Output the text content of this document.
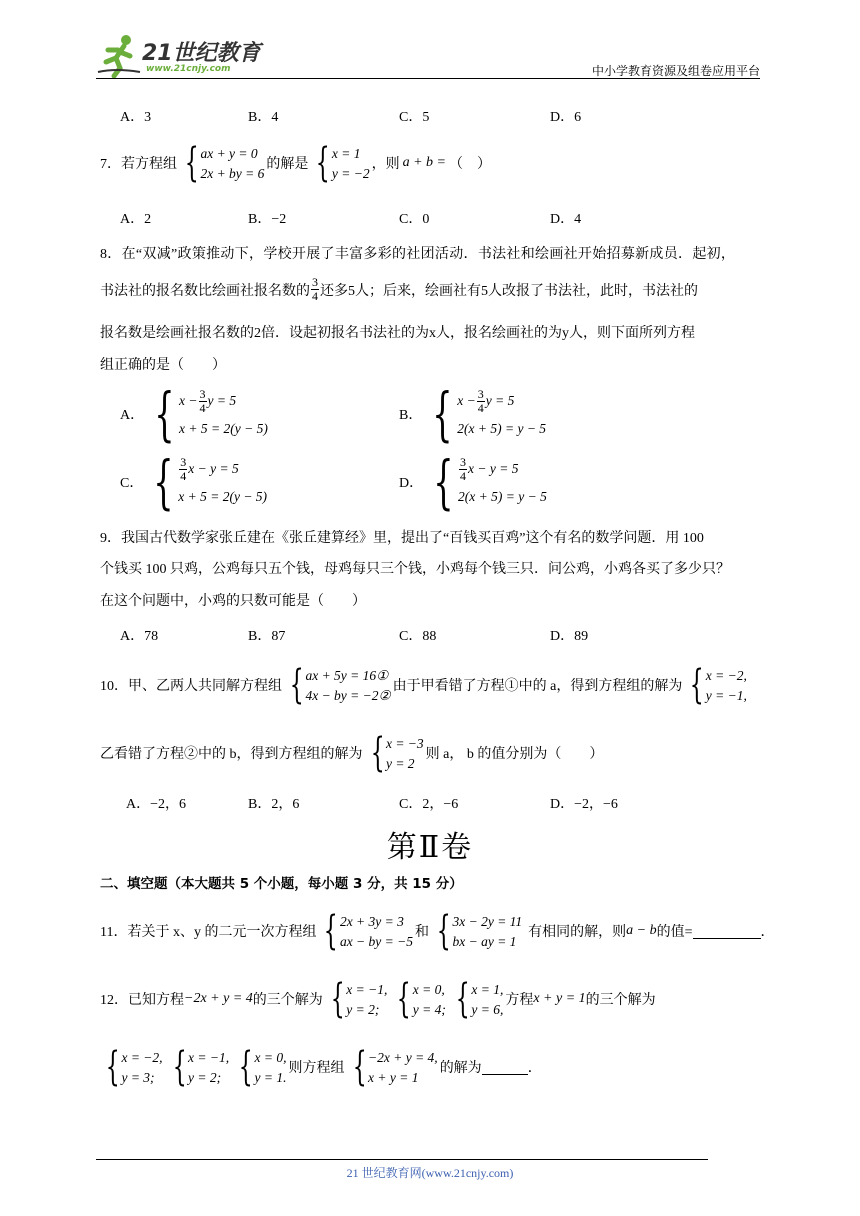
21世纪教育
www.21cnjy.com	中小学教育资源及组卷应用平台
A．3	B．4	C．5	D．6
7． 若方程组 { ax + y = 0
2x + by = 6
的解是 { x = 1
y = −2
，则 a + b = （　）
A．2	B．−2	C．0	D．4
8．在“双减”政策推动下，学校开展了丰富多彩的社团活动．书法社和绘画社开始招募新成员．起初，
书法社的报名数比绘画社报名数的 $\frac{3}{4}$ 还多5人；后来，绘画社有5人改报了书法社，此时，书法社的
报名数是绘画社报名数的2倍．设起初报名书法社的为x人，报名绘画社的为y人，则下面所列方程
组正确的是（　　）
A． { $x - \frac{3}{4}$ y = 5
x + 5 = 2(y − 5)
B． { $x - \frac{3}{4}$ y = 5
2(x + 5) = y − 5
C． { $\frac{3}{4}$ x − y = 5
x + 5 = 2(y − 5)
D． { $\frac{3}{4}$ x − y = 5
2(x + 5) = y − 5
9．我国古代数学家张丘建在《张丘建算经》里，提出了“百钱买百鸡”这个有名的数学问题．用 100
个钱买 100 只鸡，公鸡每只五个钱，母鸡每只三个钱，小鸡每个钱三只．问公鸡，小鸡各买了多少只？
在这个问题中，小鸡的只数可能是（　　）
A．78	B．87	C．88	D．89
10．甲、乙两人共同解方程组 { ax + 5y = 16①
4x − by = −2②
由于甲看错了方程①中的 a，得到方程组的解为 { x = −2,
y = −1,
乙看错了方程②中的 b，得到方程组的解为 { x = −3
y = 2
则 a， b 的值分别为（　　）
A．−2，6	B．2，6	C．2，−6	D．−2，−6
第Ⅱ卷
二、填空题（本大题共 5 个小题，每小题 3 分，共 15 分）
11．若关于 x、y 的二元一次方程组 { 2x + 3y = 3
ax − by = −5
和 { 3x − 2y = 11
bx − ay = 1
有相同的解，则 a − b 的值=	．
12．已知方程 −2x + y = 4 的三个解为 { x = −1,
y = 2; { x = 0,
y = 4; { x = 1,
y = 6,
方程 x + y = 1 的三个解为
{ x = −2,
y = 3; { x = −1,
y = 2; { x = 0,
y = 1.
则方程组 { −2x + y = 4,
x + y = 1
的解为	．
21 世纪教育网(www.21cnjy.com)
